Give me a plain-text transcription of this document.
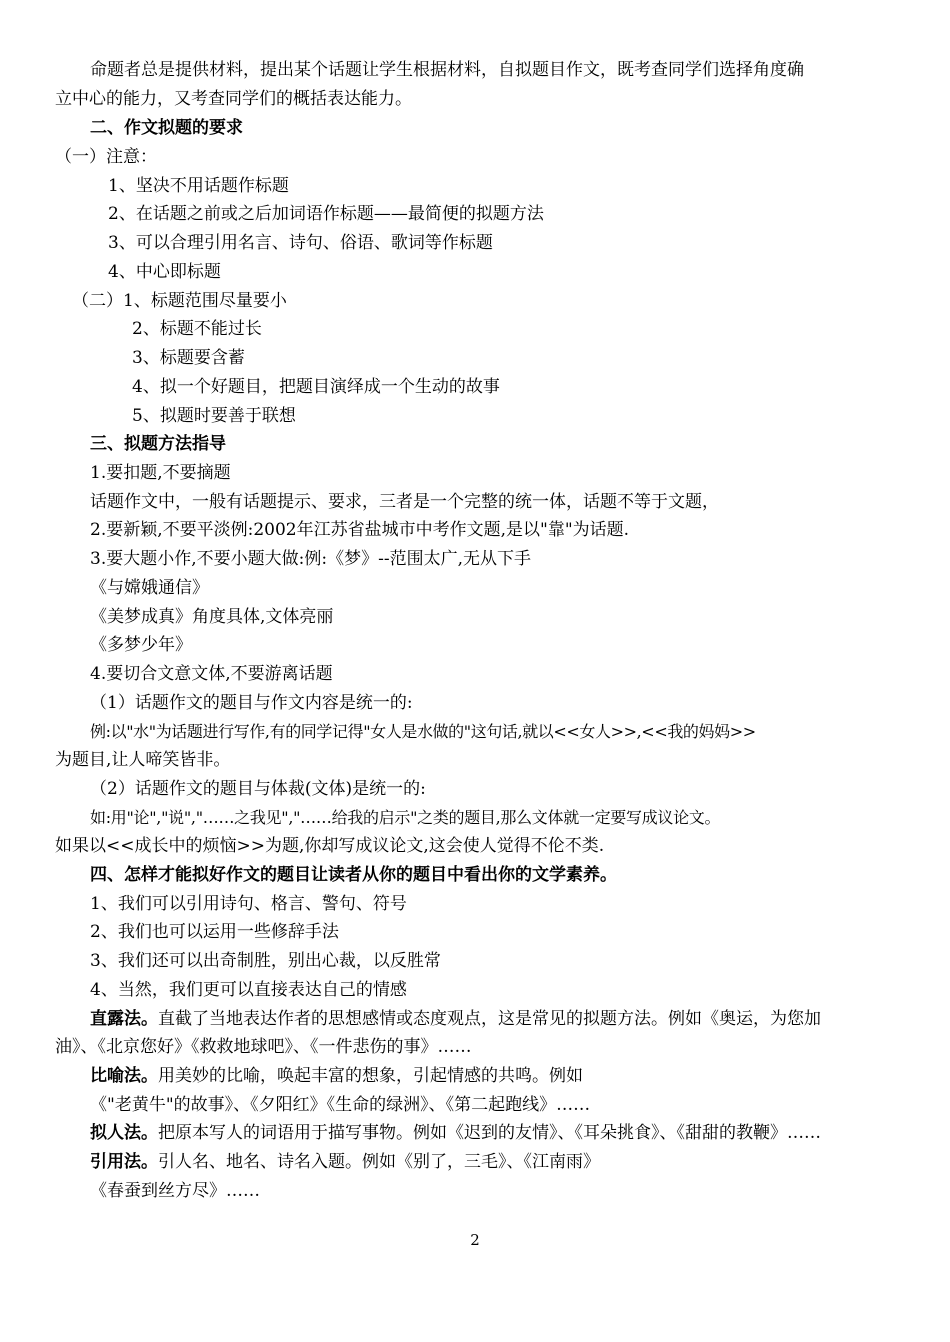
命题者总是提供材料，提出某个话题让学生根据材料，自拟题目作文，既考查同学们选择角度确
立中心的能力，又考查同学们的概括表达能力。
二、作文拟题的要求
（一）注意：
1、坚决不用话题作标题
2、在话题之前或之后加词语作标题——最简便的拟题方法
3、可以合理引用名言、诗句、俗语、歌词等作标题
4、中心即标题
（二）1、标题范围尽量要小
2、标题不能过长
3、标题要含蓄
4、拟一个好题目，把题目演绎成一个生动的故事
5、拟题时要善于联想
三、拟题方法指导
1.要扣题,不要摘题
话题作文中，一般有话题提示、要求，三者是一个完整的统一体，话题不等于文题，
2.要新颖,不要平淡例:2002年江苏省盐城市中考作文题,是以"靠"为话题.
3.要大题小作,不要小题大做:例:《梦》--范围太广,无从下手
《与嫦娥通信》
《美梦成真》角度具体,文体亮丽
《多梦少年》
4.要切合文意文体,不要游离话题
（1）话题作文的题目与作文内容是统一的:
例:以"水"为话题进行写作,有的同学记得"女人是水做的"这句话,就以<<女人>>,<<我的妈妈>>
为题目,让人啼笑皆非。
（2）话题作文的题目与体裁(文体)是统一的:
如:用"论","说","……之我见","……给我的启示"之类的题目,那么文体就一定要写成议论文。
如果以<<成长中的烦恼>>为题,你却写成议论文,这会使人觉得不伦不类.
四、怎样才能拟好作文的题目让读者从你的题目中看出你的文学素养。
1、我们可以引用诗句、格言、警句、符号
2、我们也可以运用一些修辞手法
3、我们还可以出奇制胜，别出心裁，以反胜常
4、当然，我们更可以直接表达自己的情感
直露法。直截了当地表达作者的思想感情或态度观点，这是常见的拟题方法。例如《奥运，为您加
油》、《北京您好》《救救地球吧》、《一件悲伤的事》……
比喻法。用美妙的比喻，唤起丰富的想象，引起情感的共鸣。例如
《"老黄牛"的故事》、《夕阳红》《生命的绿洲》、《第二起跑线》……
拟人法。把原本写人的词语用于描写事物。例如《迟到的友情》、《耳朵挑食》、《甜甜的教鞭》……
引用法。引人名、地名、诗名入题。例如《别了，三毛》、《江南雨》
《春蚕到丝方尽》……
2
